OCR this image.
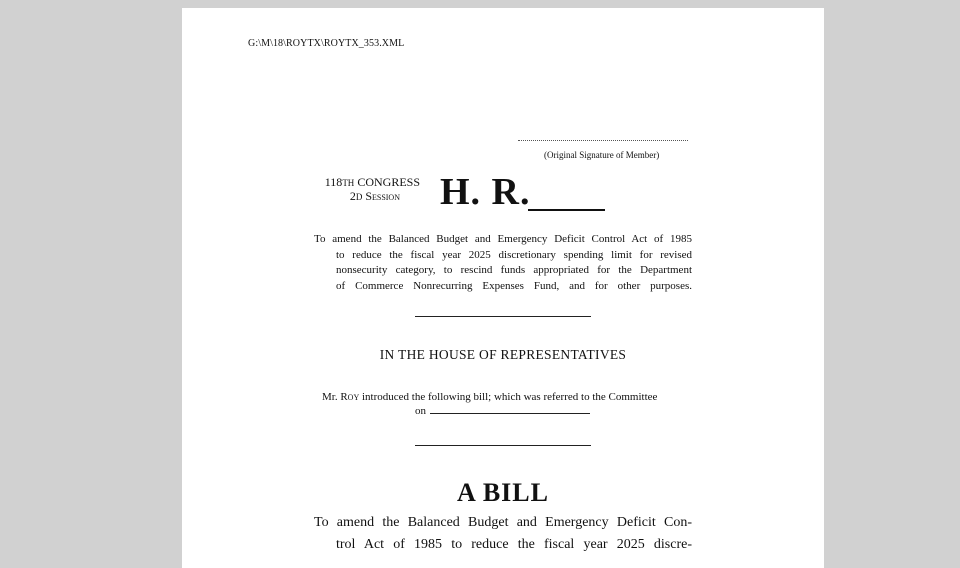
G:\M\18\ROYTX\ROYTX_353.XML
(Original Signature of Member)
118TH CONGRESS
2D Session	H. R.
To amend the Balanced Budget and Emergency Deficit Control Act of 1985
to reduce the fiscal year 2025 discretionary spending limit for revised
nonsecurity category, to rescind funds appropriated for the Department
of Commerce Nonrecurring Expenses Fund, and for other purposes.
IN THE HOUSE OF REPRESENTATIVES
Mr. Roy introduced the following bill; which was referred to the Committee
on
A BILL
To amend the Balanced Budget and Emergency Deficit Con-
trol Act of 1985 to reduce the fiscal year 2025 discre-
